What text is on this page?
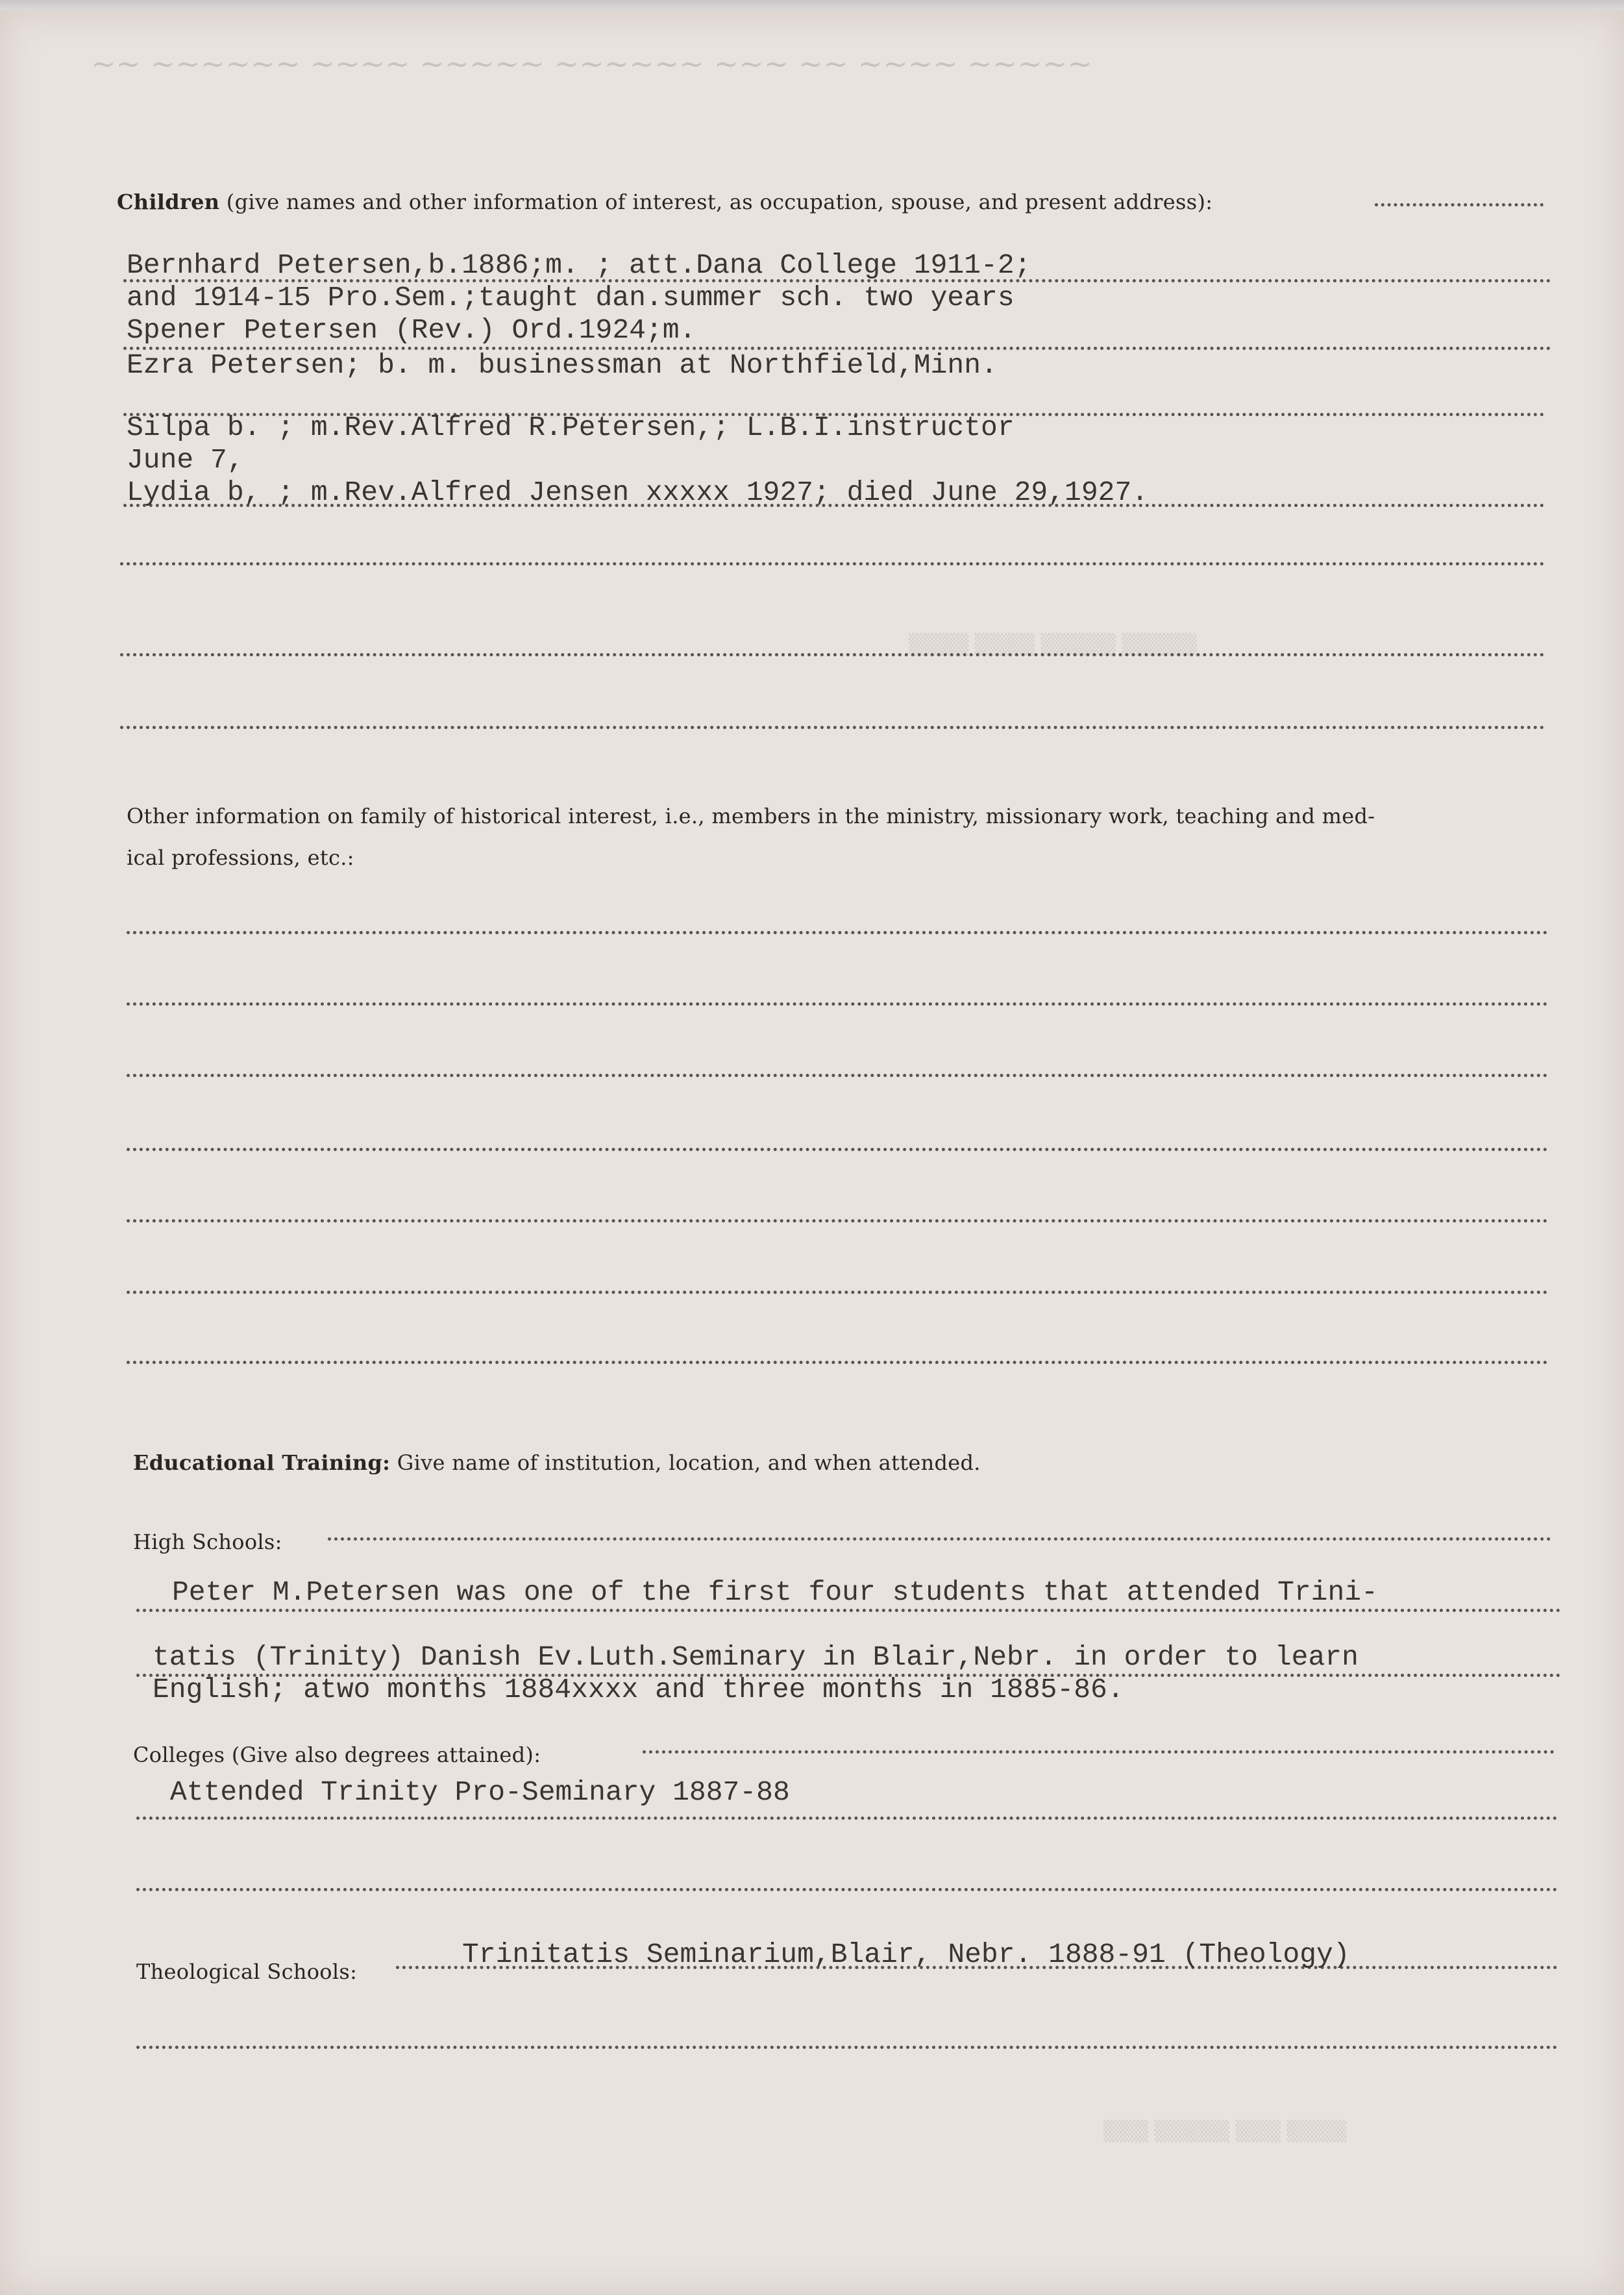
~~ ~~~~~~ ~~~~ ~~~~~ ~~~~~~ ~~~ ~~ ~~~~ ~~~~~
Children (give names and other information of interest, as occupation, spouse, and present address):
Bernhard Petersen,b.1886;m. ; att.Dana College 1911-2;
and 1914-15 Pro.Sem.;taught dan.summer sch. two years
Spener Petersen (Rev.) Ord.1924;m.
Ezra Petersen; b. m. businessman at Northfield,Minn.
Silpa b. ; m.Rev.Alfred R.Petersen,; L.B.I.instructor
June 7,
Lydia b, ; m.Rev.Alfred Jensen xxxxx 1927; died June 29,1927.
Other information on family of historical interest, i.e., members in the ministry, missionary work, teaching and med-
ical professions, etc.:
Educational Training: Give name of institution, location, and when attended.
High Schools:
Peter M.Petersen was one of the first four students that attended Trini-
tatis (Trinity) Danish Ev.Luth.Seminary in Blair,Nebr. in order to learn
English; atwo months 1884xxxx and three months in 1885-86.
Colleges (Give also degrees attained):
Attended Trinity Pro-Seminary 1887-88
Theological Schools:
Trinitatis Seminarium,Blair, Nebr. 1888-91 (Theology)
▒▒▒▒ ▒▒▒▒ ▒▒▒▒▒ ▒▒▒▒▒
▒▒▒ ▒▒▒▒▒ ▒▒▒ ▒▒▒▒
